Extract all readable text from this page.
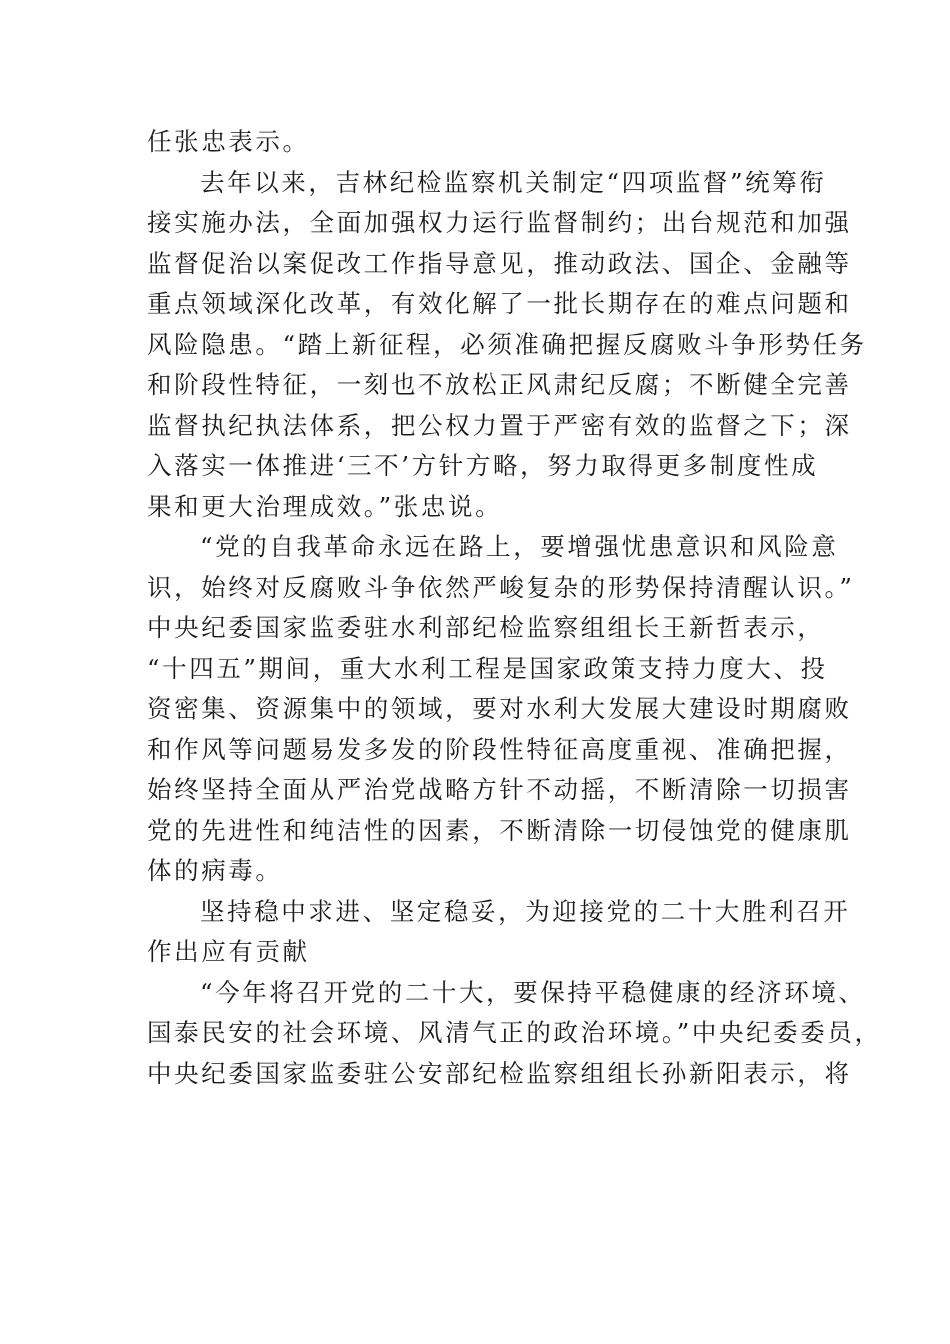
任张忠表示。
去年以来，吉林纪检监察机关制定“四项监督”统筹衔
接实施办法，全面加强权力运行监督制约；出台规范和加强
监督促治以案促改工作指导意见，推动政法、国企、金融等
重点领域深化改革，有效化解了一批长期存在的难点问题和
风险隐患。“踏上新征程，必须准确把握反腐败斗争形势任务
和阶段性特征，一刻也不放松正风肃纪反腐；不断健全完善
监督执纪执法体系，把公权力置于严密有效的监督之下；深
入落实一体推进‘三不’方针方略，努力取得更多制度性成
果和更大治理成效。”张忠说。
“党的自我革命永远在路上，要增强忧患意识和风险意
识，始终对反腐败斗争依然严峻复杂的形势保持清醒认识。”
中央纪委国家监委驻水利部纪检监察组组长王新哲表示，
“十四五”期间，重大水利工程是国家政策支持力度大、投
资密集、资源集中的领域，要对水利大发展大建设时期腐败
和作风等问题易发多发的阶段性特征高度重视、准确把握，
始终坚持全面从严治党战略方针不动摇，不断清除一切损害
党的先进性和纯洁性的因素，不断清除一切侵蚀党的健康肌
体的病毒。
坚持稳中求进、坚定稳妥，为迎接党的二十大胜利召开
作出应有贡献
“今年将召开党的二十大，要保持平稳健康的经济环境、
国泰民安的社会环境、风清气正的政治环境。”中央纪委委员，
中央纪委国家监委驻公安部纪检监察组组长孙新阳表示，将
